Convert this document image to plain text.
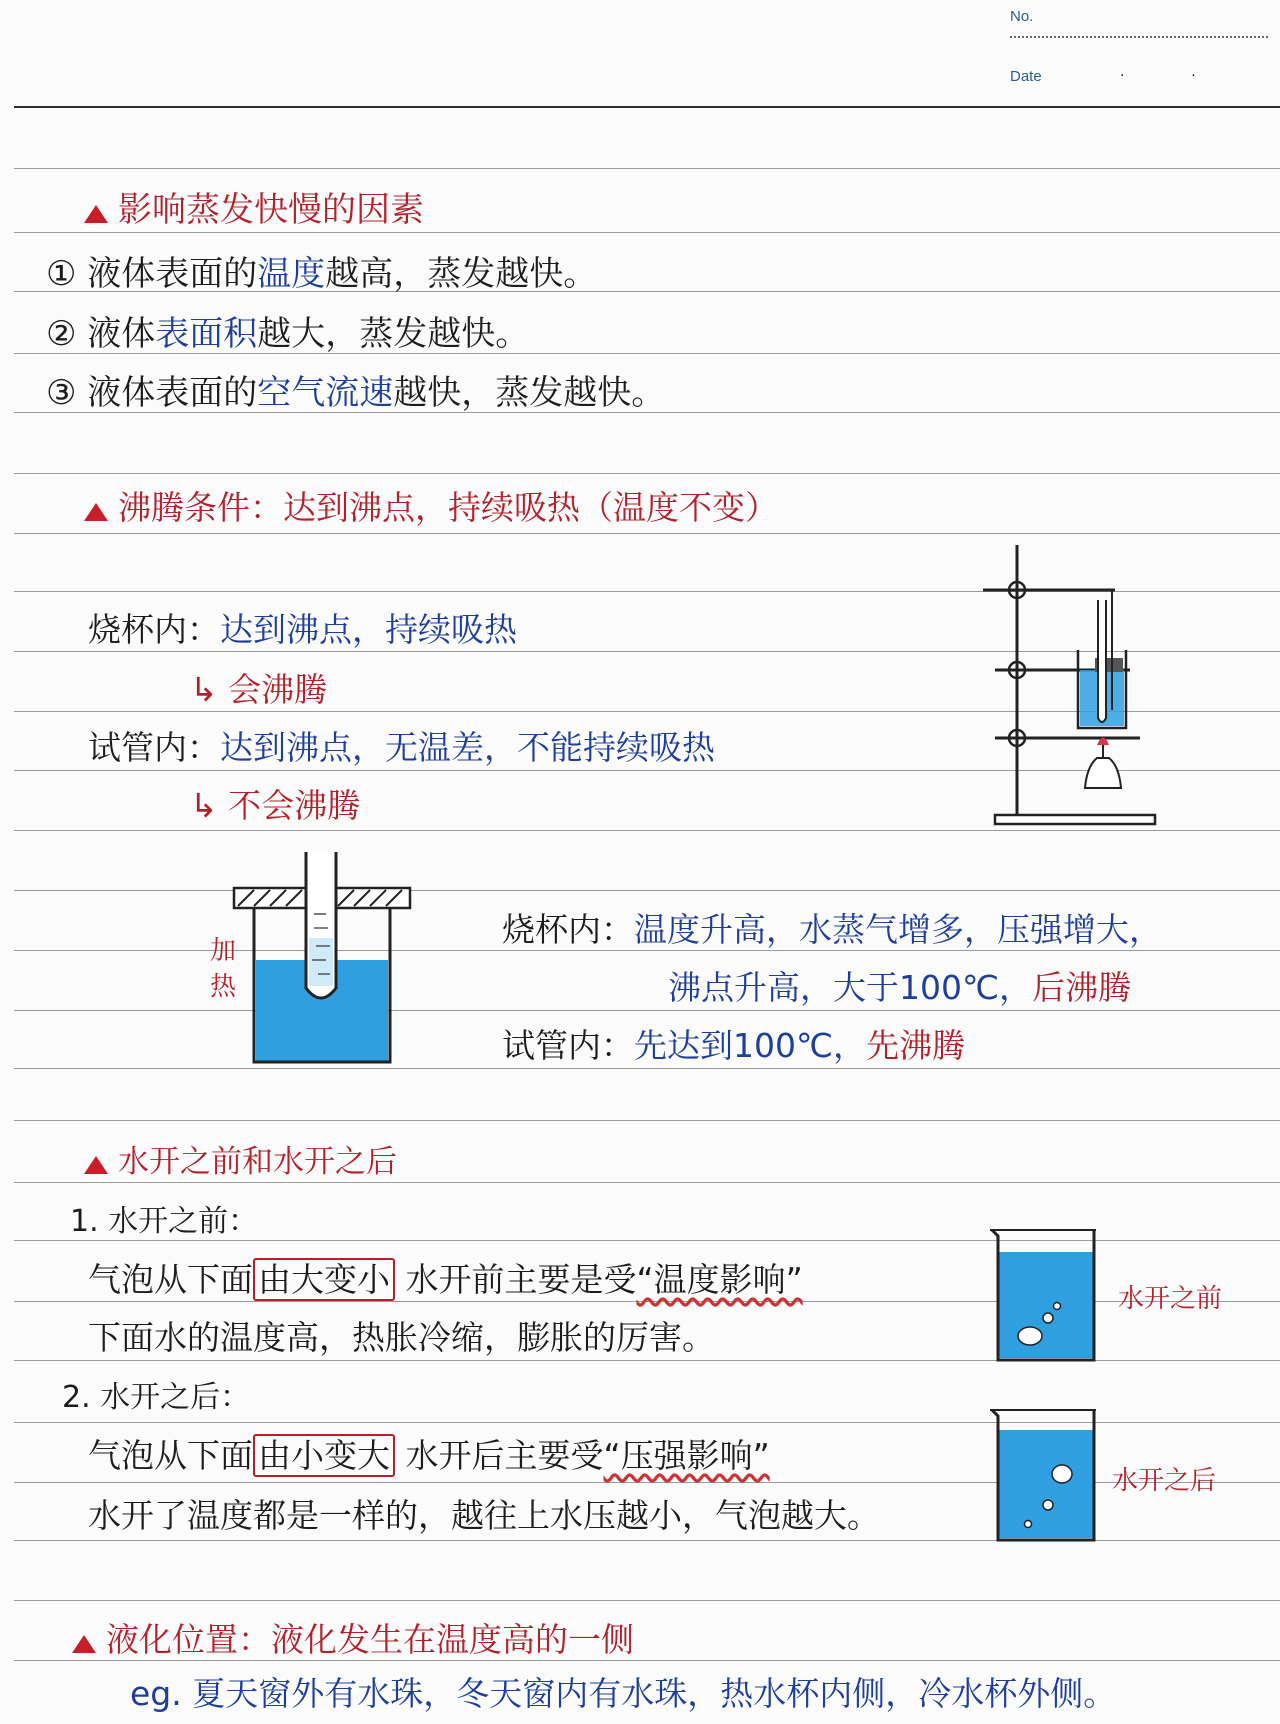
No.
Date	·               ·
影响蒸发快慢的因素
① 液体表面的温度越高，蒸发越快。
② 液体表面积越大，蒸发越快。
③ 液体表面的空气流速越快，蒸发越快。
沸腾条件：达到沸点，持续吸热（温度不变）
烧杯内：达到沸点，持续吸热
↳ 会沸腾
试管内：达到沸点，无温差，不能持续吸热
↳ 不会沸腾
加
热
烧杯内：温度升高，水蒸气增多，压强增大，
沸点升高，大于100℃，后沸腾
试管内：先达到100℃，先沸腾
水开之前和水开之后
1. 水开之前：
气泡从下面 由大变小 水开前主要是受“温度影响”
下面水的温度高，热胀冷缩，膨胀的厉害。
2. 水开之后：
气泡从下面 由小变大 水开后主要受“压强影响”
水开了温度都是一样的，越往上水压越小，气泡越大。
水开之前
水开之后
液化位置：液化发生在温度高的一侧
eg. 夏天窗外有水珠，冬天窗内有水珠，热水杯内侧，冷水杯外侧。
